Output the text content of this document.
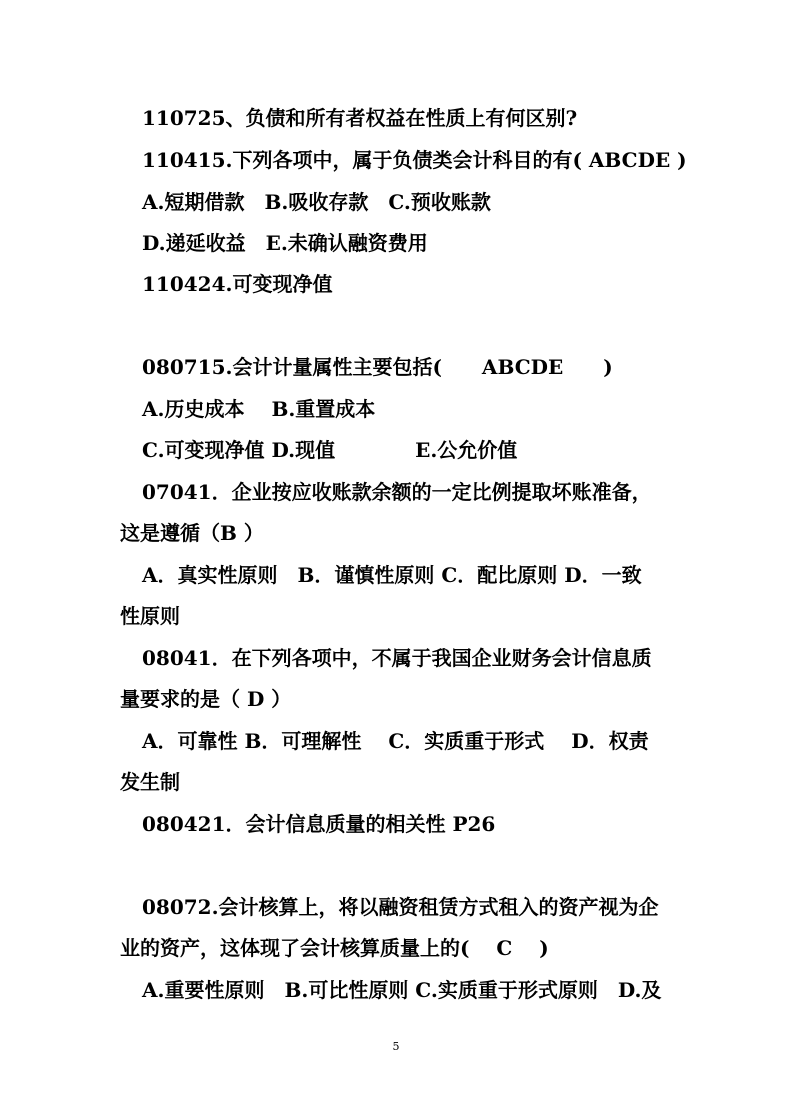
110725、负债和所有者权益在性质上有何区别?
110415.下列各项中，属于负债类会计科目的有( ABCDE )
A.短期借款　B.吸收存款　C.预收账款
D.递延收益　E.未确认融资费用
110424.可变现净值
080715.会计计量属性主要包括(　　ABCDE　　)
A.历史成本　 B.重置成本
C.可变现净值 D.现值　　　　E.公允价值
07041．企业按应收账款余额的一定比例提取坏账准备，
这是遵循（B ）
A．真实性原则　B．谨慎性原则 C．配比原则 D．一致
性原则
08041．在下列各项中，不属于我国企业财务会计信息质
量要求的是（ D ）
A．可靠性 B．可理解性　 C．实质重于形式　 D．权责
发生制
080421．会计信息质量的相关性 P26
08072.会计核算上，将以融资租赁方式租入的资产视为企
业的资产，这体现了会计核算质量上的(　 C　 )
A.重要性原则　B.可比性原则 C.实质重于形式原则　D.及
5
